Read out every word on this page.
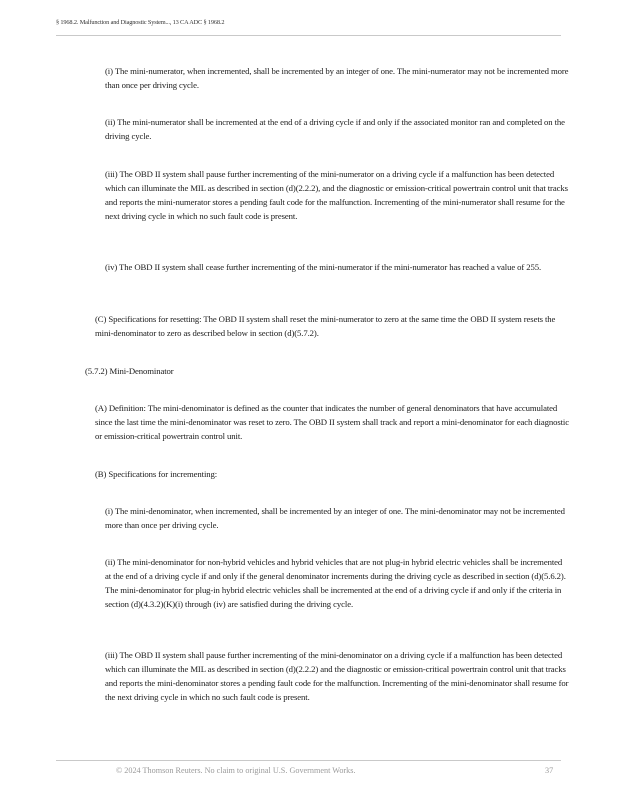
§ 1968.2. Malfunction and Diagnostic System..., 13 CA ADC § 1968.2

(i) The mini-numerator, when incremented, shall be incremented by an integer of one. The mini-numerator may not be incremented more than once per driving cycle.

(ii) The mini-numerator shall be incremented at the end of a driving cycle if and only if the associated monitor ran and completed on the driving cycle.

(iii) The OBD II system shall pause further incrementing of the mini-numerator on a driving cycle if a malfunction has been detected which can illuminate the MIL as described in section (d)(2.2.2), and the diagnostic or emission-critical powertrain control unit that tracks and reports the mini-numerator stores a pending fault code for the malfunction. Incrementing of the mini-numerator shall resume for the next driving cycle in which no such fault code is present.

(iv) The OBD II system shall cease further incrementing of the mini-numerator if the mini-numerator has reached a value of 255.

(C) Specifications for resetting: The OBD II system shall reset the mini-numerator to zero at the same time the OBD II system resets the mini-denominator to zero as described below in section (d)(5.7.2).

(5.7.2) Mini-Denominator

(A) Definition: The mini-denominator is defined as the counter that indicates the number of general denominators that have accumulated since the last time the mini-denominator was reset to zero. The OBD II system shall track and report a mini-denominator for each diagnostic or emission-critical powertrain control unit.

(B) Specifications for incrementing:

(i) The mini-denominator, when incremented, shall be incremented by an integer of one. The mini-denominator may not be incremented more than once per driving cycle.

(ii) The mini-denominator for non-hybrid vehicles and hybrid vehicles that are not plug-in hybrid electric vehicles shall be incremented at the end of a driving cycle if and only if the general denominator increments during the driving cycle as described in section (d)(5.6.2). The mini-denominator for plug-in hybrid electric vehicles shall be incremented at the end of a driving cycle if and only if the criteria in section (d)(4.3.2)(K)(i) through (iv) are satisfied during the driving cycle.

(iii) The OBD II system shall pause further incrementing of the mini-denominator on a driving cycle if a malfunction has been detected which can illuminate the MIL as described in section (d)(2.2.2) and the diagnostic or emission-critical powertrain control unit that tracks and reports the mini-denominator stores a pending fault code for the malfunction. Incrementing of the mini-denominator shall resume for the next driving cycle in which no such fault code is present.

© 2024 Thomson Reuters. No claim to original U.S. Government Works.	37
